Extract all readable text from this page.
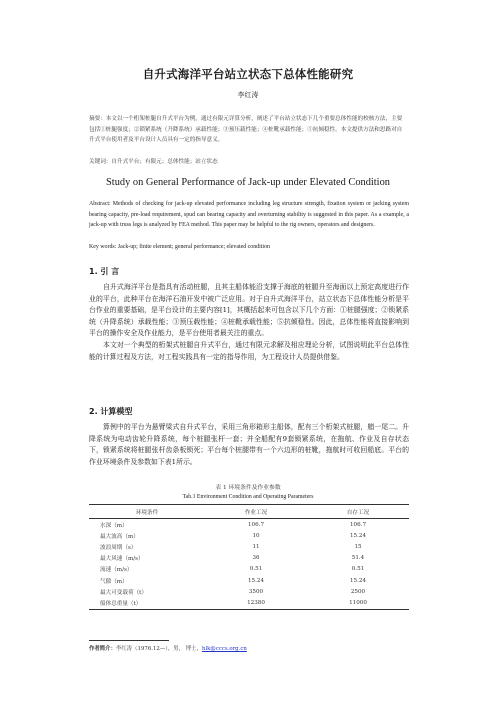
自升式海洋平台站立状态下总体性能研究
李红涛

摘要：本文以一个桁架桩腿自升式平台为例，通过有限元详算分析，阐述了平台站立状态下几个重要总体性能的校核方法，主要包括①桩腿强度；②锁紧系统（升降系统）承载性能；③预压载性能；④桩靴承载性能；⑤抗倾稳性。本文提供方法和思路对自升式平台使用者及平台设计人员具有一定的指导意义。

关键词：自升式平台；有限元；总体性能；站立状态
Study on General Performance of Jack-up under Elevated Condition
Abstract: Methods of checking for jack-up elevated performance including leg structure strength, fixation system or jacking system bearing capacity, pre-load requirement, spud can bearing capacity and overturning stability is suggested in this paper. As a example, a jack-up with truss legs is analyzed by FEA method. This paper may be helpful to the rig owners, operators and designers.
Key words: Jack-up; finite element; general performance; elevated condition
1. 引 言

自升式海洋平台是指具有活动桩腿，且其主船体能沿支撑于海底的桩腿升至海面以上预定高度进行作业的平台，此种平台在海洋石油开发中被广泛应用。对于自升式海洋平台，站立状态下总体性能分析是平台作业的重要基础，是平台设计的主要内容[1]，其概括起来可包含以下几个方面：①桩腿强度；②锁紧系统（升降系统）承载性能；③预压载性能；④桩靴承载性能；⑤抗倾稳性。因此，总体性能将直接影响到平台的操作安全及作业能力，是平台使用者最关注的重点。

本文对一个典型的桁架式桩腿自升式平台，通过有限元求解及相应理论分析，试图说明此平台总体性能的计算过程及方法，对工程实践具有一定的指导作用，为工程设计人员提供借鉴。

2. 计算模型

算例中的平台为悬臂梁式自升式平台，采用三角形箱形主船体，配有三个桁架式桩腿，艏一尾二。升降系统为电动齿轮升降系统，每个桩腿张杆一套；并全船配有9套锁紧系统，在拖航、作业及自存状态下，锁紧系统将桩腿张杆齿条板锁死；平台每个桩腿带有一个六边形的桩靴，拖航时可收回船底。平台的作业环境条件及参数如下表1所示。

表 1 环境条件及作业参数
Tab.1 Environment Condition and Operating Parameters
环境条件	作业工况	自存工况
水深（m）	106.7	106.7
最大波高（m）	10	15.24
波浪周期（s）	11	15
最大风速（m/s）	36	51.4
流速（m/s）	0.51	0.51
气隙（m）	15.24	15.24
最大可变载荷（t）	3500	2500
船体总重量（t）	12380	11000
作者简介：李红涛（1976.12—），男， 博士，hlk@cccs.org.cn
